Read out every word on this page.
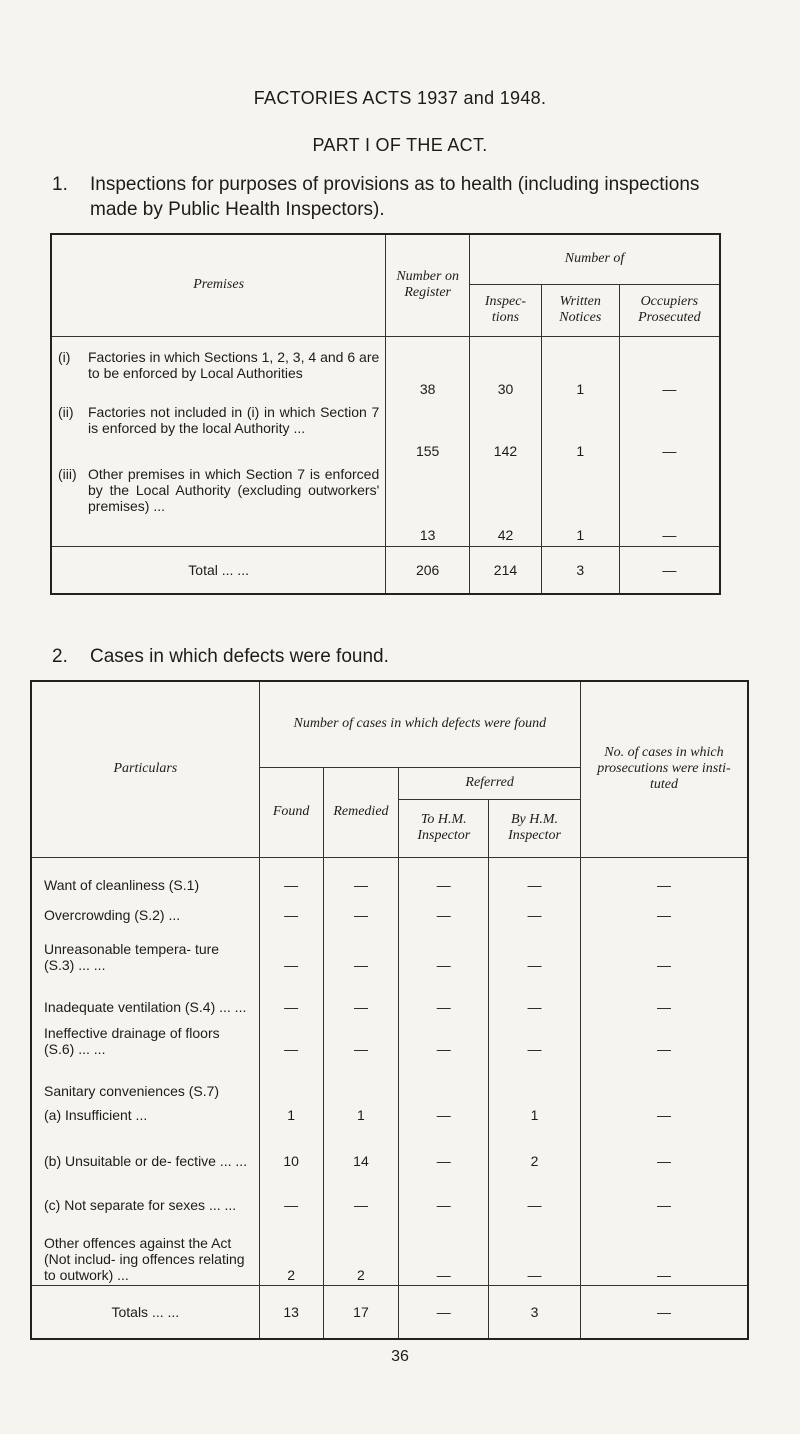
FACTORIES ACTS 1937 and 1948.
PART I OF THE ACT.
1. Inspections for purposes of provisions as to health (including inspections made by Public Health Inspectors).
Premises	Number on Register	Number of		
		Inspec- tions	Written Notices	Occupiers Prosecuted

(i) Factories in which Sections 1, 2, 3, 4 and 6 are to be enforced by Local Authorities	38	30	1	—

(ii) Factories not included in (i) in which Section 7 is enforced by the local Authority ...	155	142	1	—

(iii) Other premises in which Section 7 is enforced by the Local Authority (excluding outworkers' premises) ...	13	42	1	—
Total ... ...	206	214	3	—
2. Cases in which defects were found.
Particulars	Number of cases in which defects were found				No. of cases in which prosecutions were insti- tuted
	Found	Remedied	Referred		
			To H.M. Inspector	By H.M. Inspector	
Want of cleanliness (S.1)	—	—	—	—	—
Overcrowding (S.2) ...	—	—	—	—	—
Unreasonable tempera- ture (S.3) ... ...	—	—	—	—	—
Inadequate ventilation (S.4) ... ...	—	—	—	—	—
Ineffective drainage of floors (S.6) ... ...	—	—	—	—	—
Sanitary conveniences (S.7)					
(a) Insufficient ...	1	1	—	1	—
(b) Unsuitable or de- fective ... ...	10	14	—	2	—
(c) Not separate for sexes ... ...	—	—	—	—	—
Other offences against the Act (Not includ- ing offences relating to outwork) ...	2	2	—	—	—
Totals ... ...	13	17	—	3	—
36
